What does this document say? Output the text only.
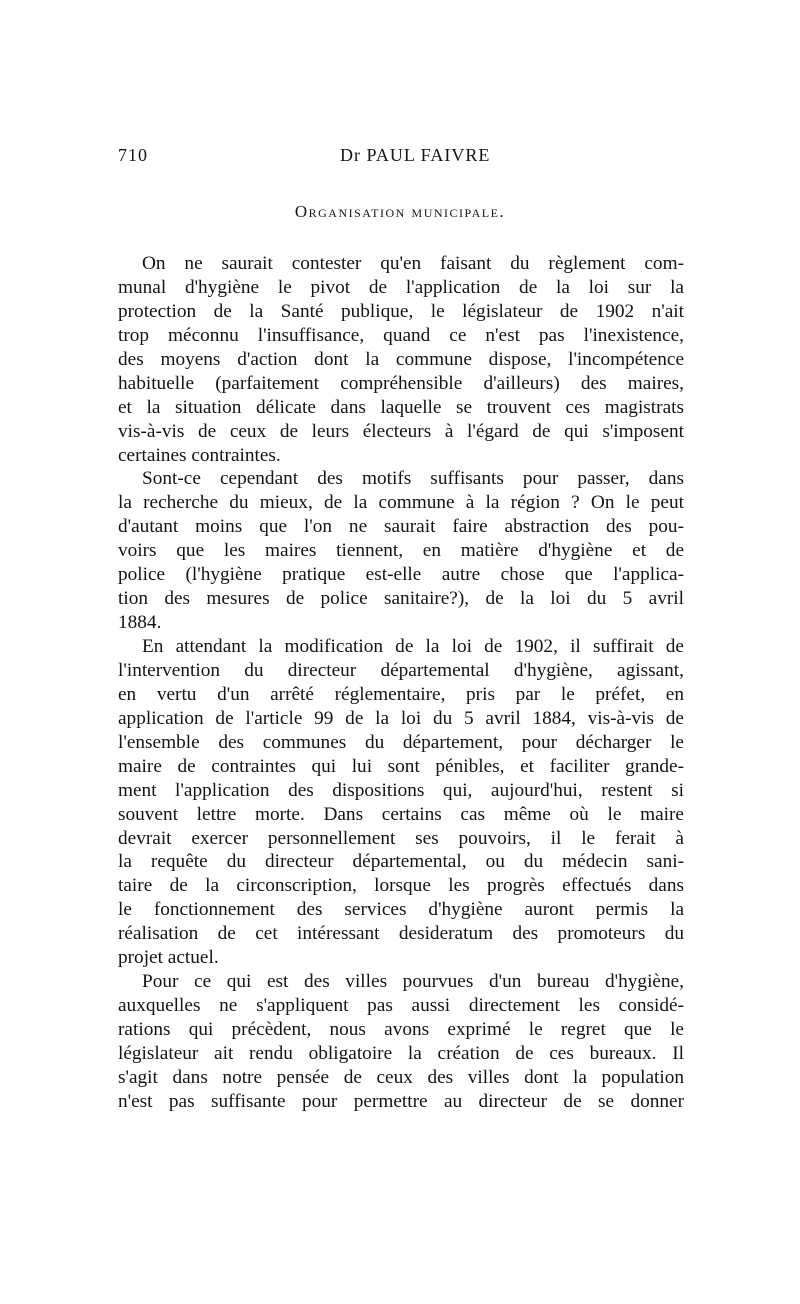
710	Dr PAUL FAIVRE
Organisation municipale.
On ne saurait contester qu'en faisant du règlement com-
munal d'hygiène le pivot de l'application de la loi sur la
protection de la Santé publique, le législateur de 1902 n'ait
trop méconnu l'insuffisance, quand ce n'est pas l'inexistence,
des moyens d'action dont la commune dispose, l'incompétence
habituelle (parfaitement compréhensible d'ailleurs) des maires,
et la situation délicate dans laquelle se trouvent ces magistrats
vis-à-vis de ceux de leurs électeurs à l'égard de qui s'imposent
certaines contraintes.
Sont-ce cependant des motifs suffisants pour passer, dans
la recherche du mieux, de la commune à la région ? On le peut
d'autant moins que l'on ne saurait faire abstraction des pou-
voirs que les maires tiennent, en matière d'hygiène et de
police (l'hygiène pratique est-elle autre chose que l'applica-
tion des mesures de police sanitaire?), de la loi du 5 avril
1884.
En attendant la modification de la loi de 1902, il suffirait de
l'intervention du directeur départemental d'hygiène, agissant,
en vertu d'un arrêté réglementaire, pris par le préfet, en
application de l'article 99 de la loi du 5 avril 1884, vis-à-vis de
l'ensemble des communes du département, pour décharger le
maire de contraintes qui lui sont pénibles, et faciliter grande-
ment l'application des dispositions qui, aujourd'hui, restent si
souvent lettre morte. Dans certains cas même où le maire
devrait exercer personnellement ses pouvoirs, il le ferait à
la requête du directeur départemental, ou du médecin sani-
taire de la circonscription, lorsque les progrès effectués dans
le fonctionnement des services d'hygiène auront permis la
réalisation de cet intéressant desideratum des promoteurs du
projet actuel.
Pour ce qui est des villes pourvues d'un bureau d'hygiène,
auxquelles ne s'appliquent pas aussi directement les considé-
rations qui précèdent, nous avons exprimé le regret que le
législateur ait rendu obligatoire la création de ces bureaux. Il
s'agit dans notre pensée de ceux des villes dont la population
n'est pas suffisante pour permettre au directeur de se donner
